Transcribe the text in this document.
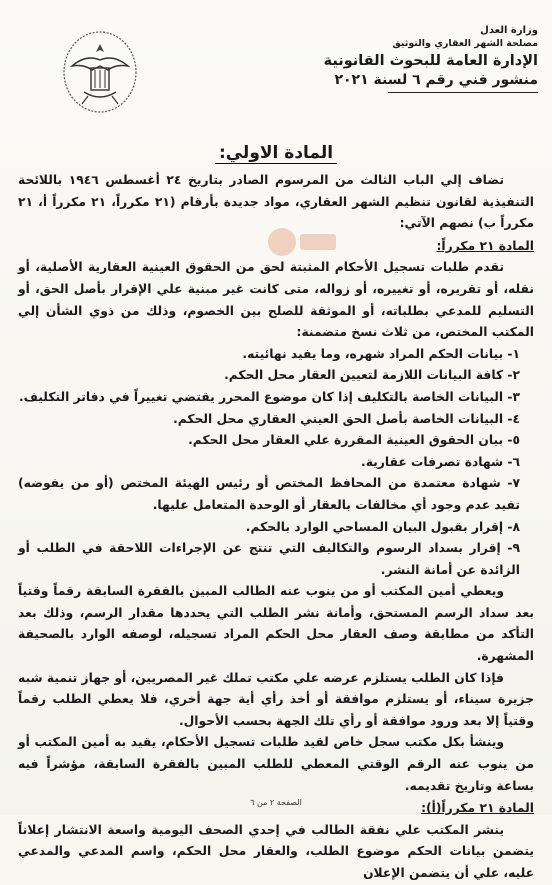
وزارة العدل
مصلحة الشهر العقاري والتوثيق
الإدارة العامة للبحوث القانونية
منشور فني رقم ٦ لسنة ٢٠٢١
المادة الاولي:

تضاف إلي الباب الثالث من المرسوم الصادر بتاريخ ٢٤ أغسطس ١٩٤٦ باللائحة التنفيذية لقانون تنظيم الشهر العقاري، مواد جديدة بأرقام (٢١ مكرراً، ٢١ مكرراً أ، ٢١ مكرراً ب) نصهم الآتي:

المادة ٢١ مكرراً:

تقدم طلبات تسجيل الأحكام المثبتة لحق من الحقوق العينية العقارية الأصلية، أو نقله، أو تقريره، أو تغييره، أو زواله، متى كانت غير مبنية علي الإقرار بأصل الحق، أو التسليم للمدعي بطلباته، أو الموثقة للصلح بين الخصوم، وذلك من ذوي الشأن إلي المكتب المختص، من ثلاث نسخ متضمنة:

١- بيانات الحكم المراد شهره، وما يفيد نهائيته.

٢- كافة البيانات اللازمة لتعيين العقار محل الحكم.

٣- البيانات الخاصة بالتكليف إذا كان موضوع المحرر يقتضي تغييراً في دفاتر التكليف.

٤- البيانات الخاصة بأصل الحق العيني العقاري محل الحكم.

٥- بيان الحقوق العينية المقررة علي العقار محل الحكم.

٦- شهادة تصرفات عقارية.

٧- شهادة معتمدة من المحافظ المختص أو رئيس الهيئة المختص (أو من يفوضه) تفيد عدم وجود أي مخالفات بالعقار أو الوحدة المتعامل عليها.

٨- إقرار بقبول البيان المساحي الوارد بالحكم.

٩- إقرار بسداد الرسوم والتكاليف التي تنتج عن الإجراءات اللاحقة في الطلب أو الزائدة عن أمانة النشر.

ويعطي أمين المكتب أو من ينوب عنه الطالب المبين بالفقرة السابقة رقماً وقتياً بعد سداد الرسم المستحق، وأمانة نشر الطلب التي يحددها مقدار الرسم، وذلك بعد التأكد من مطابقة وصف العقار محل الحكم المراد تسجيله، لوصفه الوارد بالصحيفة المشهرة.

فإذا كان الطلب يستلزم عرضه علي مكتب تملك غير المصريين، أو جهاز تنمية شبه جزيرة سيناء، أو يستلزم موافقة أو أخذ رأي أية جهة أخري، فلا يعطي الطلب رقماً وقتياً إلا بعد ورود موافقة أو رأي تلك الجهة بحسب الأحوال.

وينشأ بكل مكتب سجل خاص لقيد طلبات تسجيل الأحكام، يقيد به أمين المكتب أو من ينوب عنه الرقم الوقتي المعطي للطلب المبين بالفقرة السابقة، مؤشراً فيه بساعة وتاريخ تقديمه.

المادة ٢١ مكرراً(أ):

ينشر المكتب علي نفقة الطالب في إحدي الصحف اليومية واسعة الانتشار إعلاناً يتضمن بيانات الحكم موضوع الطلب، والعقار محل الحكم، واسم المدعي والمدعي عليه، علي أن يتضمن الإعلان

الصفحة ٢ من ٦
